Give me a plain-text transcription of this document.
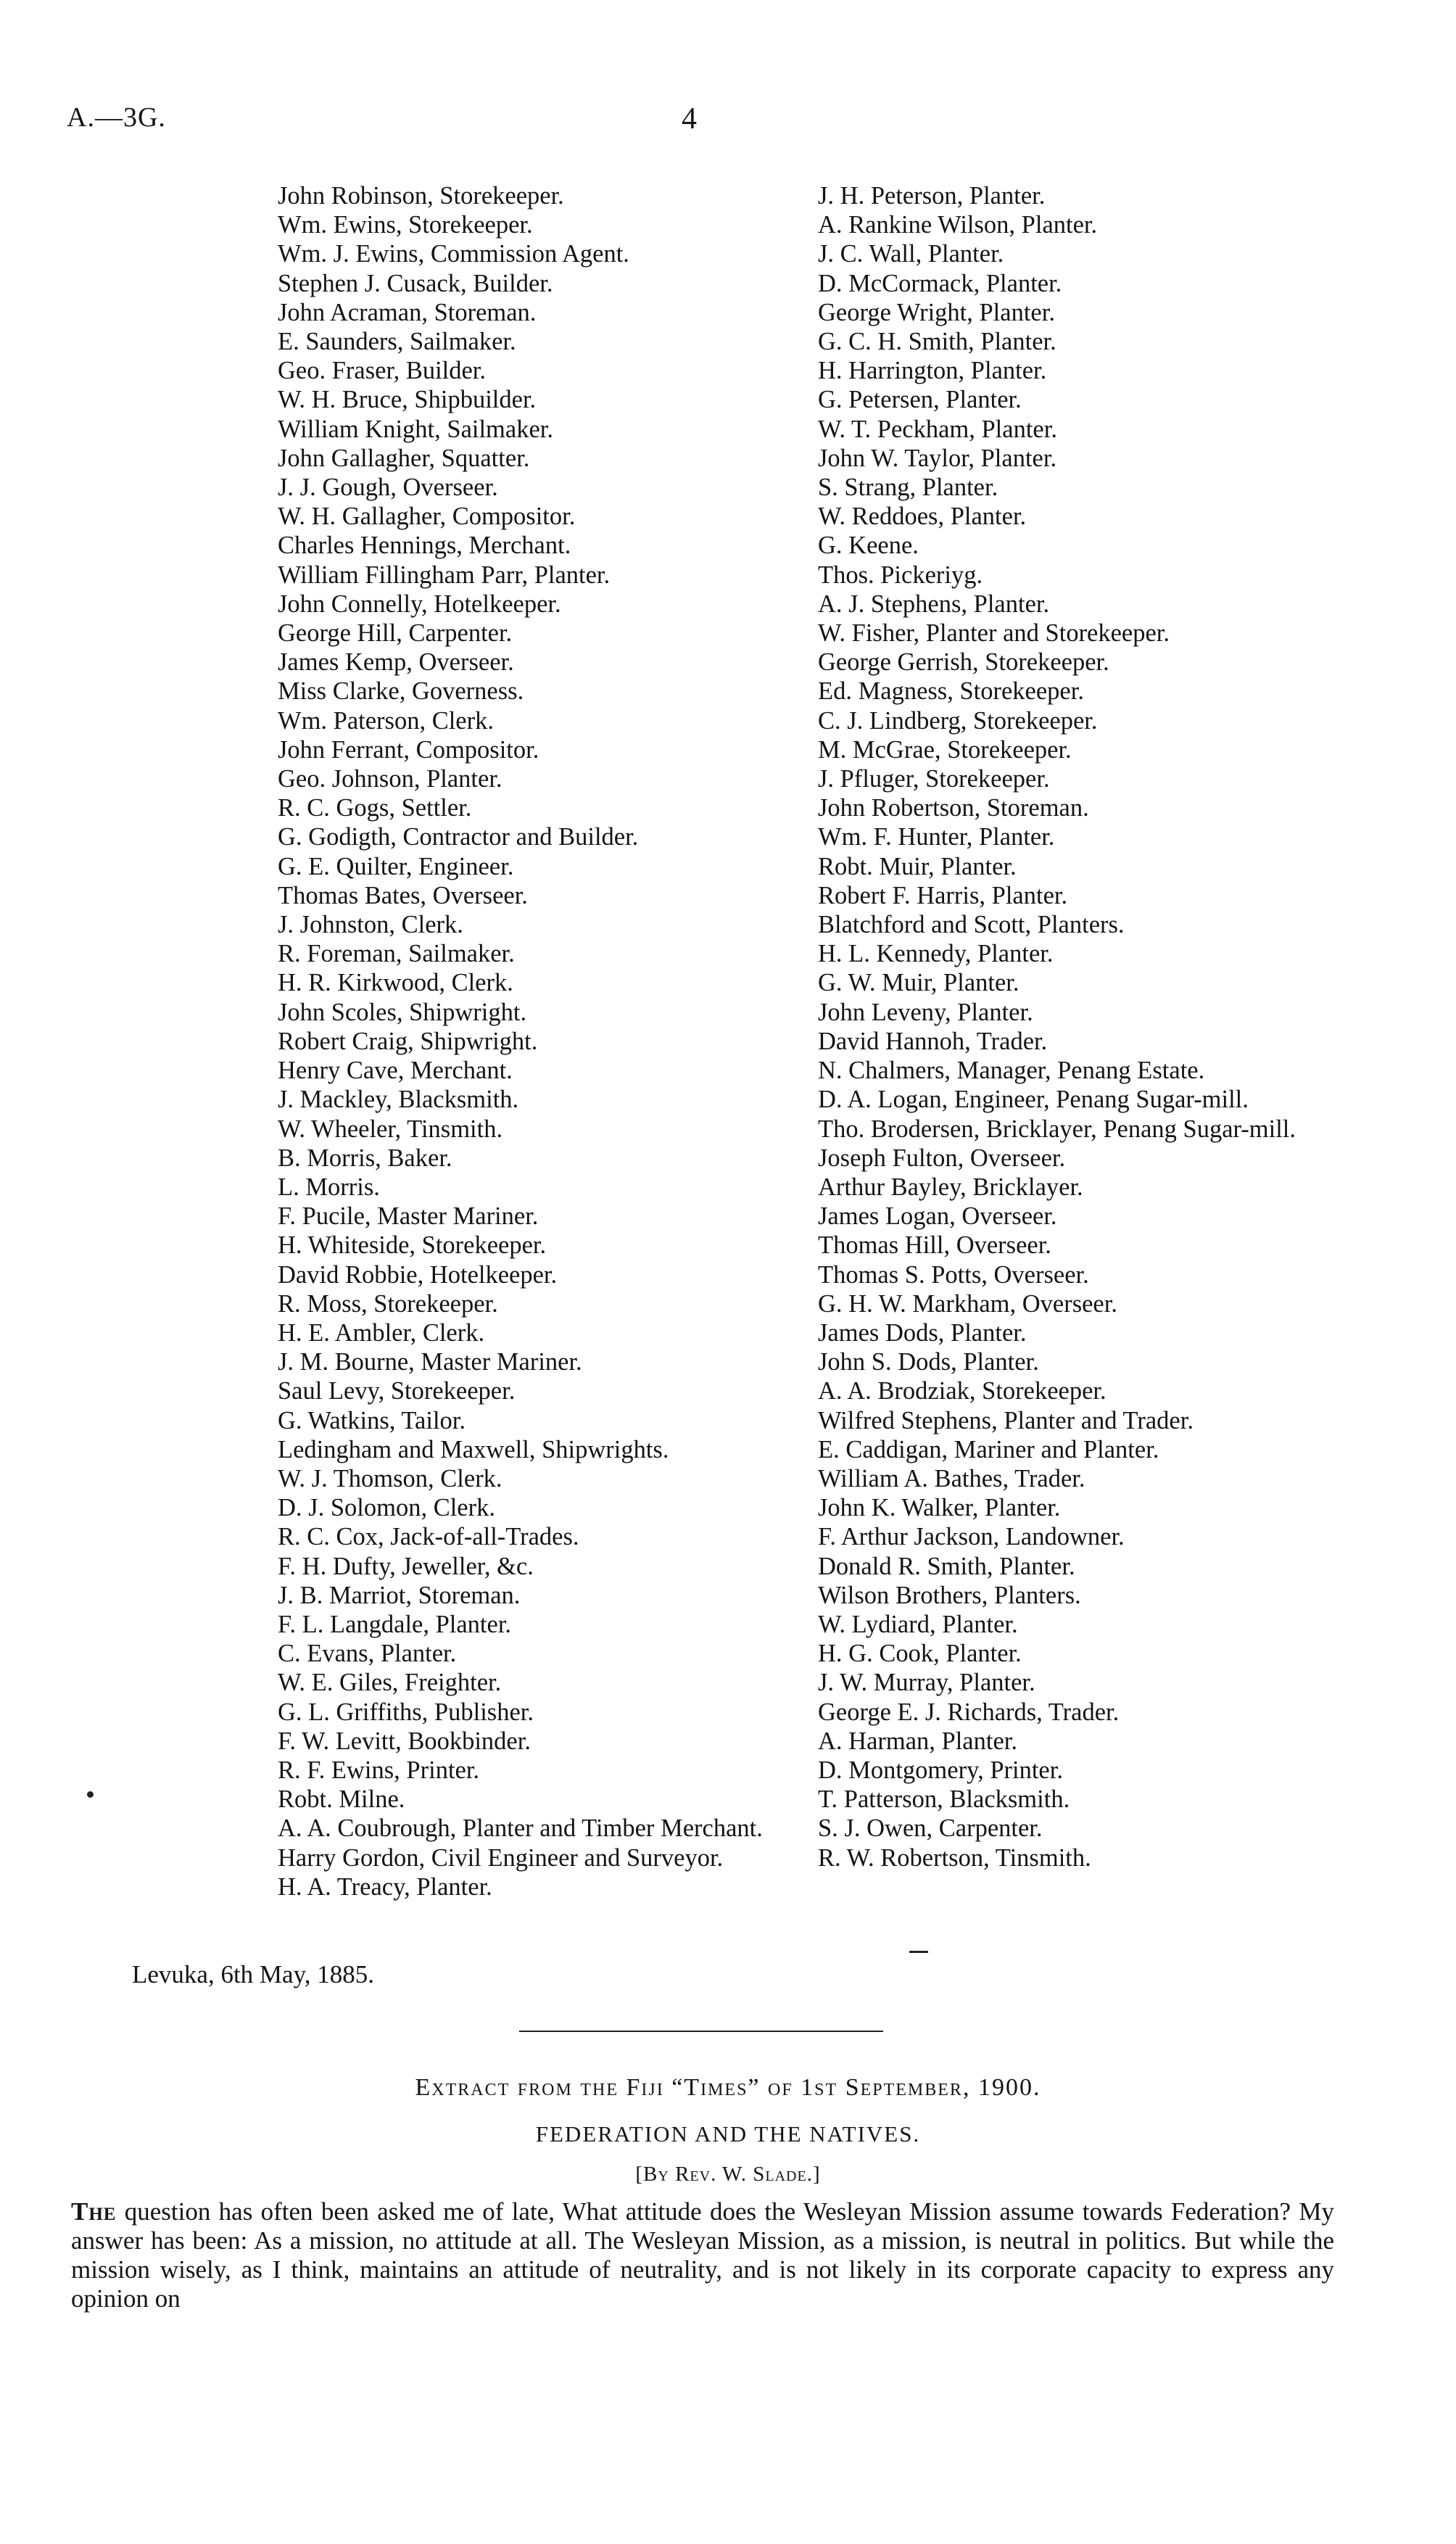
A.—3G.	4
John Robinson, Storekeeper.
Wm. Ewins, Storekeeper.
Wm. J. Ewins, Commission Agent.
Stephen J. Cusack, Builder.
John Acraman, Storeman.
E. Saunders, Sailmaker.
Geo. Fraser, Builder.
W. H. Bruce, Shipbuilder.
William Knight, Sailmaker.
John Gallagher, Squatter.
J. J. Gough, Overseer.
W. H. Gallagher, Compositor.
Charles Hennings, Merchant.
William Fillingham Parr, Planter.
John Connelly, Hotelkeeper.
George Hill, Carpenter.
James Kemp, Overseer.
Miss Clarke, Governess.
Wm. Paterson, Clerk.
John Ferrant, Compositor.
Geo. Johnson, Planter.
R. C. Gogs, Settler.
G. Godigth, Contractor and Builder.
G. E. Quilter, Engineer.
Thomas Bates, Overseer.
J. Johnston, Clerk.
R. Foreman, Sailmaker.
H. R. Kirkwood, Clerk.
John Scoles, Shipwright.
Robert Craig, Shipwright.
Henry Cave, Merchant.
J. Mackley, Blacksmith.
W. Wheeler, Tinsmith.
B. Morris, Baker.
L. Morris.
F. Pucile, Master Mariner.
H. Whiteside, Storekeeper.
David Robbie, Hotelkeeper.
R. Moss, Storekeeper.
H. E. Ambler, Clerk.
J. M. Bourne, Master Mariner.
Saul Levy, Storekeeper.
G. Watkins, Tailor.
Ledingham and Maxwell, Shipwrights.
W. J. Thomson, Clerk.
D. J. Solomon, Clerk.
R. C. Cox, Jack-of-all-Trades.
F. H. Dufty, Jeweller, &c.
J. B. Marriot, Storeman.
F. L. Langdale, Planter.
C. Evans, Planter.
W. E. Giles, Freighter.
G. L. Griffiths, Publisher.
F. W. Levitt, Bookbinder.
R. F. Ewins, Printer.
Robt. Milne.
A. A. Coubrough, Planter and Timber Merchant.
Harry Gordon, Civil Engineer and Surveyor.
H. A. Treacy, Planter.
J. H. Peterson, Planter.
A. Rankine Wilson, Planter.
J. C. Wall, Planter.
D. McCormack, Planter.
George Wright, Planter.
G. C. H. Smith, Planter.
H. Harrington, Planter.
G. Petersen, Planter.
W. T. Peckham, Planter.
John W. Taylor, Planter.
S. Strang, Planter.
W. Reddoes, Planter.
G. Keene.
Thos. Pickeriyg.
A. J. Stephens, Planter.
W. Fisher, Planter and Storekeeper.
George Gerrish, Storekeeper.
Ed. Magness, Storekeeper.
C. J. Lindberg, Storekeeper.
M. McGrae, Storekeeper.
J. Pfluger, Storekeeper.
John Robertson, Storeman.
Wm. F. Hunter, Planter.
Robt. Muir, Planter.
Robert F. Harris, Planter.
Blatchford and Scott, Planters.
H. L. Kennedy, Planter.
G. W. Muir, Planter.
John Leveny, Planter.
David Hannoh, Trader.
N. Chalmers, Manager, Penang Estate.
D. A. Logan, Engineer, Penang Sugar-mill.
Tho. Brodersen, Bricklayer, Penang Sugar-mill.
Joseph Fulton, Overseer.
Arthur Bayley, Bricklayer.
James Logan, Overseer.
Thomas Hill, Overseer.
Thomas S. Potts, Overseer.
G. H. W. Markham, Overseer.
James Dods, Planter.
John S. Dods, Planter.
A. A. Brodziak, Storekeeper.
Wilfred Stephens, Planter and Trader.
E. Caddigan, Mariner and Planter.
William A. Bathes, Trader.
John K. Walker, Planter.
F. Arthur Jackson, Landowner.
Donald R. Smith, Planter.
Wilson Brothers, Planters.
W. Lydiard, Planter.
H. G. Cook, Planter.
J. W. Murray, Planter.
George E. J. Richards, Trader.
A. Harman, Planter.
D. Montgomery, Printer.
T. Patterson, Blacksmith.
S. J. Owen, Carpenter.
R. W. Robertson, Tinsmith.
Levuka, 6th May, 1885.
Extract from the Fiji “Times” of 1st September, 1900.
FEDERATION AND THE NATIVES.
[By Rev. W. Slade.]
The question has often been asked me of late, What attitude does the Wesleyan Mission assume towards Federation? My answer has been: As a mission, no attitude at all. The Wesleyan Mission, as a mission, is neutral in politics. But while the mission wisely, as I think, maintains an attitude of neutrality, and is not likely in its corporate capacity to express any opinion on
